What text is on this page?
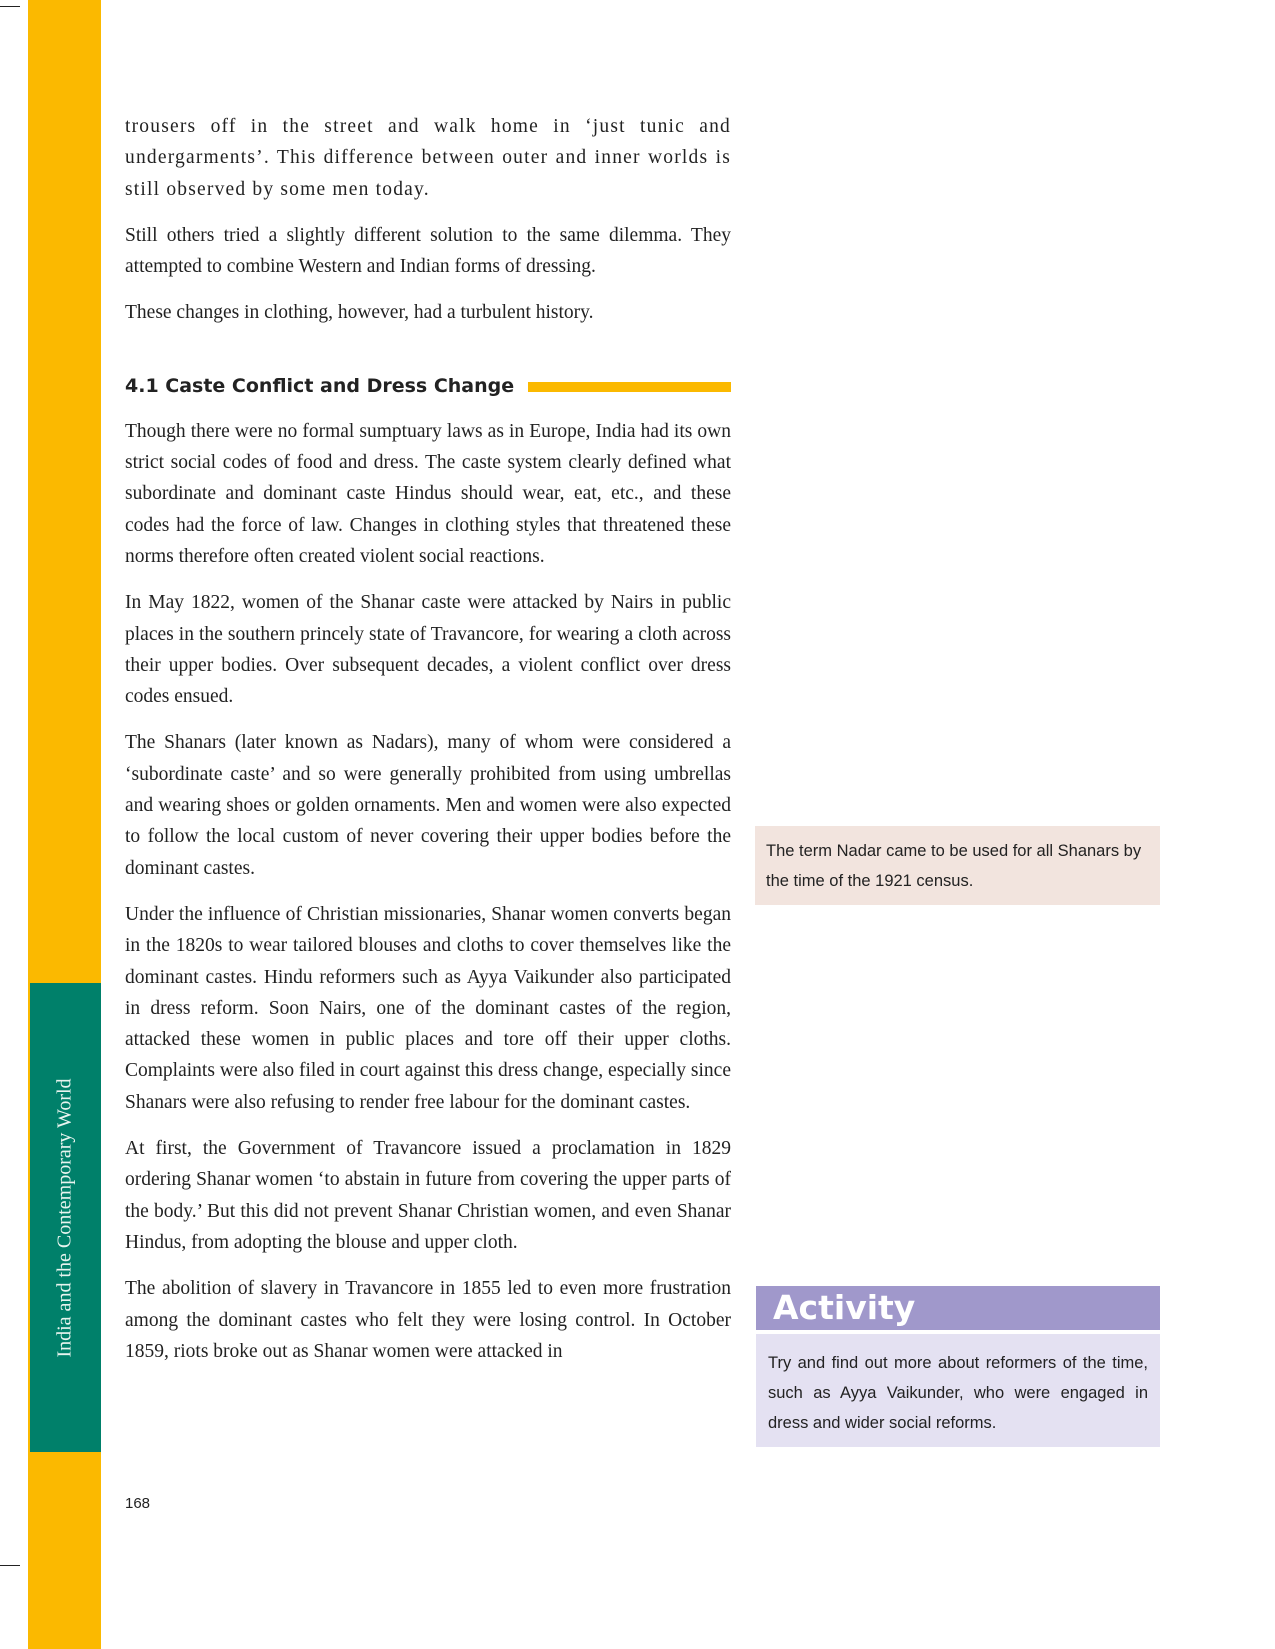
India and the Contemporary World

trousers off in the street and walk home in ‘just tunic and undergarments’. This difference between outer and inner worlds is still observed by some men today.

Still others tried a slightly different solution to the same dilemma. They attempted to combine Western and Indian forms of dressing.

These changes in clothing, however, had a turbulent history.

4.1 Caste Conflict and Dress Change

Though there were no formal sumptuary laws as in Europe, India had its own strict social codes of food and dress. The caste system clearly defined what subordinate and dominant caste Hindus should wear, eat, etc., and these codes had the force of law. Changes in clothing styles that threatened these norms therefore often created violent social reactions.

In May 1822, women of the Shanar caste were attacked by Nairs in public places in the southern princely state of Travancore, for wearing a cloth across their upper bodies. Over subsequent decades, a violent conflict over dress codes ensued.

The Shanars (later known as Nadars), many of whom were considered a ‘subordinate caste’ and so were generally prohibited from using umbrellas and wearing shoes or golden ornaments. Men and women were also expected to follow the local custom of never covering their upper bodies before the dominant castes.

Under the influence of Christian missionaries, Shanar women converts began in the 1820s to wear tailored blouses and cloths to cover themselves like the dominant castes. Hindu reformers such as Ayya Vaikunder also participated in dress reform. Soon Nairs, one of the dominant castes of the region, attacked these women in public places and tore off their upper cloths. Complaints were also filed in court against this dress change, especially since Shanars were also refusing to render free labour for the dominant castes.

At first, the Government of Travancore issued a proclamation in 1829 ordering Shanar women ‘to abstain in future from covering the upper parts of the body.’ But this did not prevent Shanar Christian women, and even Shanar Hindus, from adopting the blouse and upper cloth.

The abolition of slavery in Travancore in 1855 led to even more frustration among the dominant castes who felt they were losing control. In October 1859, riots broke out as Shanar women were attacked in

The term Nadar came to be used for all Shanars by the time of the 1921 census.
Activity
Try and find out more about reformers of the time, such as Ayya Vaikunder, who were engaged in dress and wider social reforms.
168
